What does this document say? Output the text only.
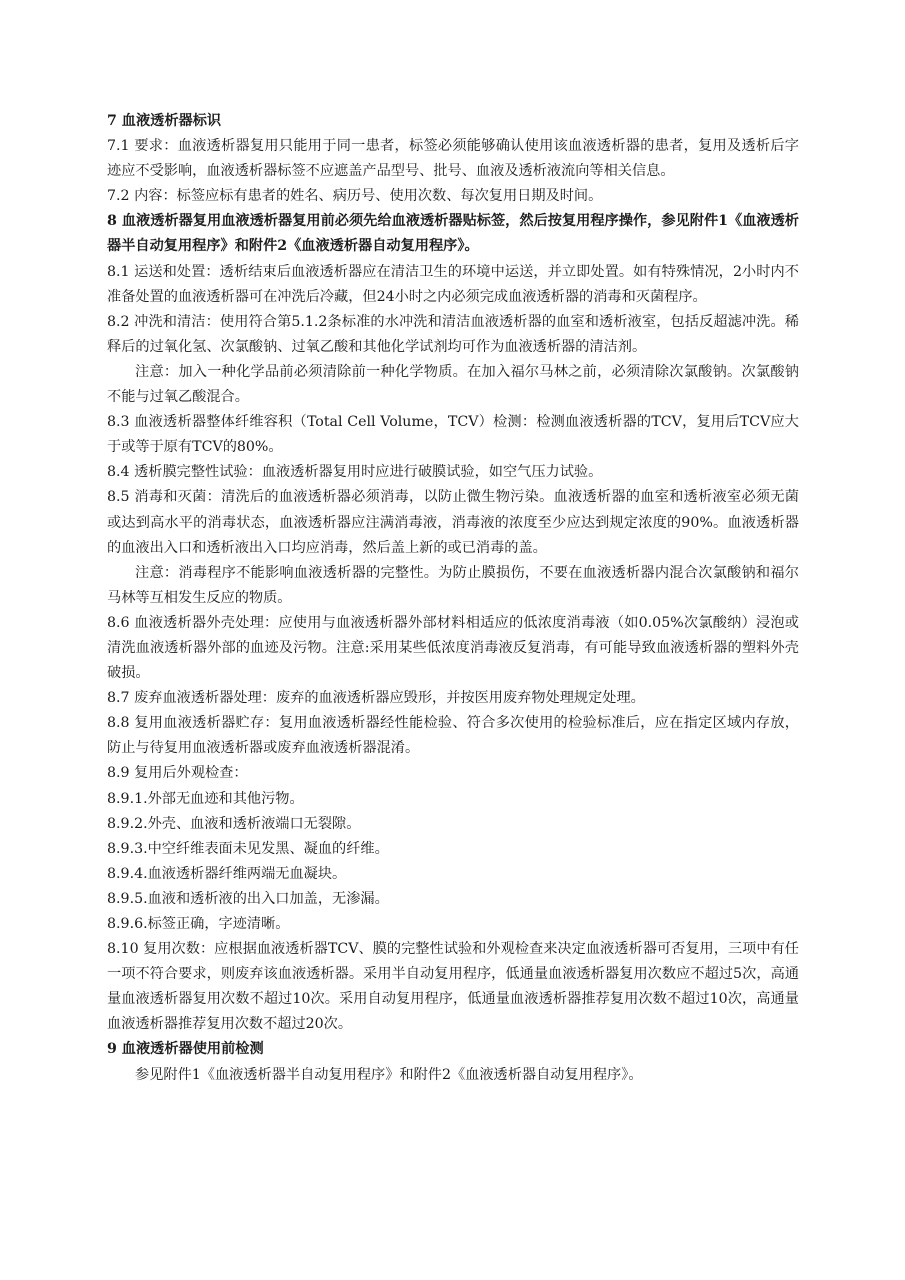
7 血液透析器标识

7.1 要求：血液透析器复用只能用于同一患者，标签必须能够确认使用该血液透析器的患者，复用及透析后字迹应不受影响，血液透析器标签不应遮盖产品型号、批号、血液及透析液流向等相关信息。

7.2 内容：标签应标有患者的姓名、病历号、使用次数、每次复用日期及时间。

8 血液透析器复用血液透析器复用前必须先给血液透析器贴标签，然后按复用程序操作，参见附件1《血液透析器半自动复用程序》和附件2《血液透析器自动复用程序》。

8.1 运送和处置：透析结束后血液透析器应在清洁卫生的环境中运送，并立即处置。如有特殊情况，2小时内不准备处置的血液透析器可在冲洗后冷藏，但24小时之内必须完成血液透析器的消毒和灭菌程序。

8.2 冲洗和清洁：使用符合第5.1.2条标准的水冲洗和清洁血液透析器的血室和透析液室，包括反超滤冲洗。稀释后的过氧化氢、次氯酸钠、过氧乙酸和其他化学试剂均可作为血液透析器的清洁剂。

注意：加入一种化学品前必须清除前一种化学物质。在加入福尔马林之前，必须清除次氯酸钠。次氯酸钠不能与过氧乙酸混合。

8.3 血液透析器整体纤维容积（Total Cell Volume，TCV）检测：检测血液透析器的TCV，复用后TCV应大于或等于原有TCV的80%。

8.4 透析膜完整性试验：血液透析器复用时应进行破膜试验，如空气压力试验。

8.5 消毒和灭菌：清洗后的血液透析器必须消毒，以防止微生物污染。血液透析器的血室和透析液室必须无菌或达到高水平的消毒状态，血液透析器应注满消毒液，消毒液的浓度至少应达到规定浓度的90%。血液透析器的血液出入口和透析液出入口均应消毒，然后盖上新的或已消毒的盖。

注意：消毒程序不能影响血液透析器的完整性。为防止膜损伤，不要在血液透析器内混合次氯酸钠和福尔马林等互相发生反应的物质。

8.6 血液透析器外壳处理：应使用与血液透析器外部材料相适应的低浓度消毒液（如0.05%次氯酸纳）浸泡或清洗血液透析器外部的血迹及污物。注意:采用某些低浓度消毒液反复消毒，有可能导致血液透析器的塑料外壳破损。

8.7 废弃血液透析器处理：废弃的血液透析器应毁形，并按医用废弃物处理规定处理。

8.8 复用血液透析器贮存：复用血液透析器经性能检验、符合多次使用的检验标准后，应在指定区域内存放，防止与待复用血液透析器或废弃血液透析器混淆。

8.9 复用后外观检查：

8.9.1.外部无血迹和其他污物。

8.9.2.外壳、血液和透析液端口无裂隙。

8.9.3.中空纤维表面未见发黑、凝血的纤维。

8.9.4.血液透析器纤维两端无血凝块。

8.9.5.血液和透析液的出入口加盖，无渗漏。

8.9.6.标签正确，字迹清晰。

8.10 复用次数：应根据血液透析器TCV、膜的完整性试验和外观检查来决定血液透析器可否复用，三项中有任一项不符合要求，则废弃该血液透析器。采用半自动复用程序，低通量血液透析器复用次数应不超过5次，高通量血液透析器复用次数不超过10次。采用自动复用程序，低通量血液透析器推荐复用次数不超过10次，高通量血液透析器推荐复用次数不超过20次。

9 血液透析器使用前检测

参见附件1《血液透析器半自动复用程序》和附件2《血液透析器自动复用程序》。
